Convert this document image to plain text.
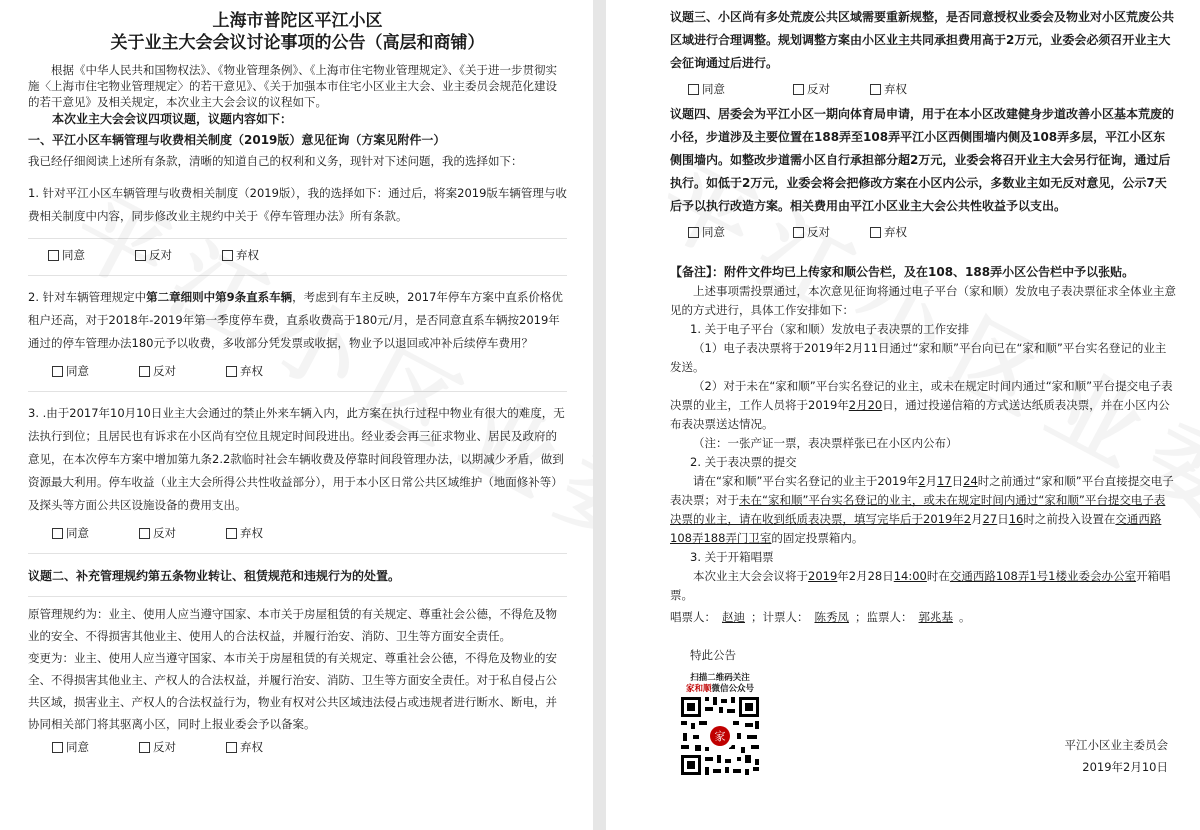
上海市普陀区平江小区

关于业主大会会议讨论事项的公告（高层和商铺）

根据《中华人民共和国物权法》、《物业管理条例》、《上海市住宅物业管理规定》、《关于进一步贯彻实施〈上海市住宅物业管理规定〉的若干意见》、《关于加强本市住宅小区业主大会、业主委员会规范化建设的若干意见》及相关规定，本次业主大会会议的议程如下。

本次业主大会会议四项议题，议题内容如下：

一、平江小区车辆管理与收费相关制度（2019版）意见征询（方案见附件一）

我已经仔细阅读上述所有条款，清晰的知道自己的权利和义务，现针对下述问题，我的选择如下：

1. 针对平江小区车辆管理与收费相关制度（2019版），我的选择如下：通过后，将案2019版车辆管理与收费相关制度中内容，同步修改业主规约中关于《停车管理办法》所有条款。

同意	反对	弃权

2. 针对车辆管理规定中第二章细则中第9条直系车辆，考虑到有车主反映，2017年停车方案中直系价格优租户还高，对于2018年-2019年第一季度停车费，直系收费高于180元/月，是否同意直系车辆按2019年通过的停车管理办法180元予以收费，多收部分凭发票或收据，物业予以退回或冲补后续停车费用？

同意	反对	弃权

3. .由于2017年10月10日业主大会通过的禁止外来车辆入内，此方案在执行过程中物业有很大的难度，无法执行到位；且居民也有诉求在小区尚有空位且规定时间段进出。经业委会再三征求物业、居民及政府的意见，在本次停车方案中增加第九条2.2款临时社会车辆收费及停靠时间段管理办法，以期减少矛盾，做到资源最大利用。停车收益（业主大会所得公共性收益部分），用于本小区日常公共区域维护（地面修补等）及探头等方面公共区设施设备的费用支出。

同意	反对	弃权

议题二、补充管理规约第五条物业转让、租赁规范和违规行为的处置。

原管理规约为：业主、使用人应当遵守国家、本市关于房屋租赁的有关规定、尊重社会公德，不得危及物业的安全、不得损害其他业主、使用人的合法权益，并履行治安、消防、卫生等方面安全责任。

变更为：业主、使用人应当遵守国家、本市关于房屋租赁的有关规定、尊重社会公德，不得危及物业的安全、不得损害其他业主、产权人的合法权益，并履行治安、消防、卫生等方面安全责任。对于私自侵占公共区域，损害业主、产权人的合法权益行为，物业有权对公共区域违法侵占或违规者进行断水、断电，并协同相关部门将其驱离小区，同时上报业委会予以备案。

同意	反对	弃权

议题三、小区尚有多处荒废公共区域需要重新规整，是否同意授权业委会及物业对小区荒废公共区域进行合理调整。规划调整方案由小区业主共同承担费用高于2万元，业委会必须召开业主大会征询通过后进行。

同意	反对	弃权

议题四、居委会为平江小区一期向体育局申请，用于在本小区改建健身步道改善小区基本荒废的小径，步道涉及主要位置在188弄至108弄平江小区西侧围墙内侧及108弄多层，平江小区东侧围墙内。如整改步道需小区自行承担部分超2万元，业委会将召开业主大会另行征询，通过后执行。如低于2万元，业委会将会把修改方案在小区内公示，多数业主如无反对意见，公示7天后予以执行改造方案。相关费用由平江小区业主大会公共性收益予以支出。

同意	反对	弃权

【备注】：附件文件均已上传家和顺公告栏，及在108、188弄小区公告栏中予以张贴。

上述事项需投票通过，本次意见征询将通过电子平台（家和顺）发放电子表决票征求全体业主意见的方式进行，具体工作安排如下：

1. 关于电子平台（家和顺）发放电子表决票的工作安排

（1）电子表决票将于2019年2月11日通过“家和顺”平台向已在“家和顺”平台实名登记的业主发送。

（2）对于未在“家和顺”平台实名登记的业主，或未在规定时间内通过“家和顺”平台提交电子表决票的业主，工作人员将于2019年2月20日，通过投递信箱的方式送达纸质表决票，并在小区内公布表决票送达情况。

（注：一张产证一票，表决票样张已在小区内公布）

2. 关于表决票的提交

请在“家和顺”平台实名登记的业主于2019年2月17日24时之前通过“家和顺”平台直接提交电子表决票；对于未在“家和顺”平台实名登记的业主，或未在规定时间内通过“家和顺”平台提交电子表决票的业主，请在收到纸质表决票，填写完毕后于2019年2月27日16时之前投入设置在交通西路108弄188弄门卫室的固定投票箱内。

3. 关于开箱唱票

本次业主大会会议将于2019年2月28日14:00时在交通西路108弄1号1楼业委会办公室开箱唱票。

唱票人： 赵迪 ；计票人： 陈秀凤 ；监票人： 郭兆基 。

特此公告

扫描二维码关注
家和顺微信公众号
家
平江小区业主委员会
2019年2月10日
